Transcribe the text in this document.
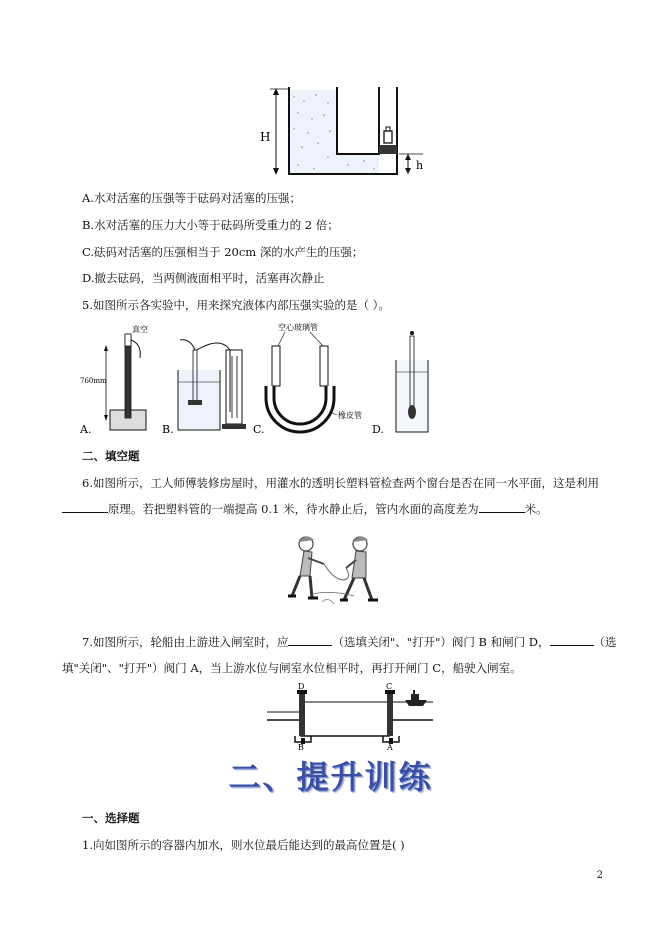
H
h
A.水对活塞的压强等于砝码对活塞的压强；
B.水对活塞的压力大小等于砝码所受重力的 2 倍；
C.砝码对活塞的压强相当于 20cm 深的水产生的压强；
D.撤去砝码，当两侧液面相平时，活塞再次静止
5.如图所示各实验中，用来探究液体内部压强实验的是（ ）。
真空
760mm
A.	B.
空心玻璃管
橡皮管
C.	D.
二、填空题
6.如图所示，工人师傅装修房屋时，用灌水的透明长塑料管检查两个窗台是否在同一水平面，这是利用
原理。若把塑料管的一端提高 0.1 米，待水静止后，管内水面的高度差为	米。
7.如图所示，轮船由上游进入闸室时，应	（选填关闭"、"打开"）阀门 B 和闸门 D，	（选
填"关闭"、"打开"）阀门 A，当上游水位与闸室水位相平时，再打开闸门 C，船驶入闸室。
D	C
B	A
二、提升训练
一、选择题
1.向如图所示的容器内加水，则水位最后能达到的最高位置是( )
2
